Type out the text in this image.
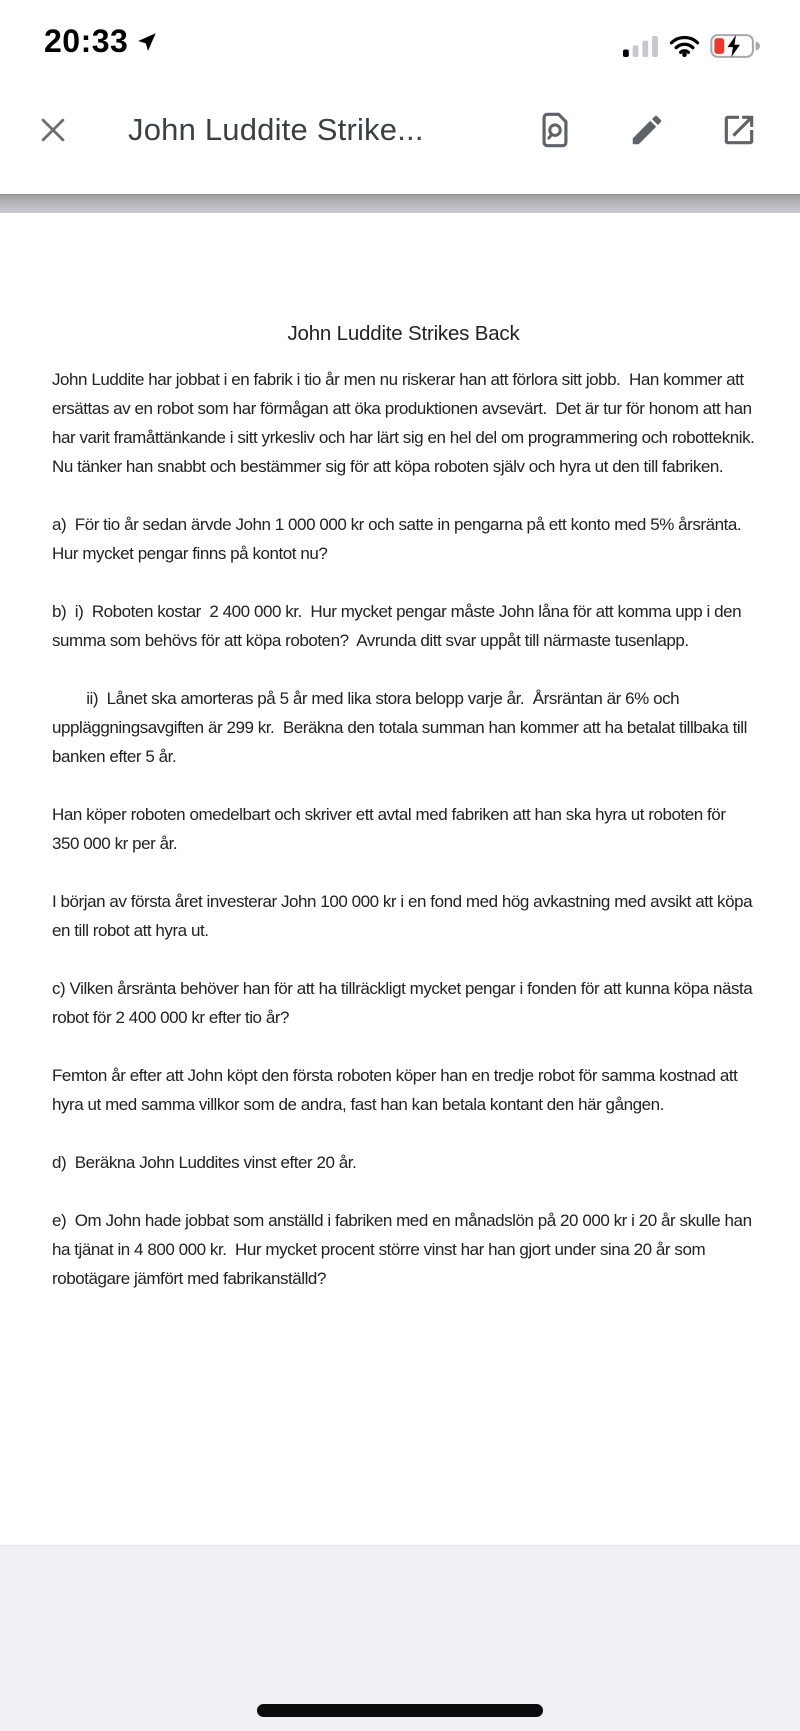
20:33
John Luddite Strike...
John Luddite Strikes Back

John Luddite har jobbat i en fabrik i tio år men nu riskerar han att förlora sitt jobb.  Han kommer att ersättas av en robot som har förmågan att öka produktionen avsevärt.  Det är tur för honom att han har varit framåttänkande i sitt yrkesliv och har lärt sig en hel del om programmering och robotteknik.  Nu tänker han snabbt och bestämmer sig för att köpa roboten själv och hyra ut den till fabriken.

a)  För tio år sedan ärvde John 1 000 000 kr och satte in pengarna på ett konto med 5% årsränta.  Hur mycket pengar finns på kontot nu?

b)  i)  Roboten kostar  2 400 000 kr.  Hur mycket pengar måste John låna för att komma upp i den summa som behövs för att köpa roboten?  Avrunda ditt svar uppåt till närmaste tusenlapp.

ii)  Lånet ska amorteras på 5 år med lika stora belopp varje år.  Årsräntan är 6% och uppläggningsavgiften är 299 kr.  Beräkna den totala summan han kommer att ha betalat tillbaka till banken efter 5 år.

Han köper roboten omedelbart och skriver ett avtal med fabriken att han ska hyra ut roboten för 350 000 kr per år.

I början av första året investerar John 100 000 kr i en fond med hög avkastning med avsikt att köpa en till robot att hyra ut.

c) Vilken årsränta behöver han för att ha tillräckligt mycket pengar i fonden för att kunna köpa nästa robot för 2 400 000 kr efter tio år?

Femton år efter att John köpt den första roboten köper han en tredje robot för samma kostnad att hyra ut med samma villkor som de andra, fast han kan betala kontant den här gången.

d)  Beräkna John Luddites vinst efter 20 år.

e)  Om John hade jobbat som anställd i fabriken med en månadslön på 20 000 kr i 20 år skulle han ha tjänat in 4 800 000 kr.  Hur mycket procent större vinst har han gjort under sina 20 år som robotägare jämfört med fabrikanställd?
